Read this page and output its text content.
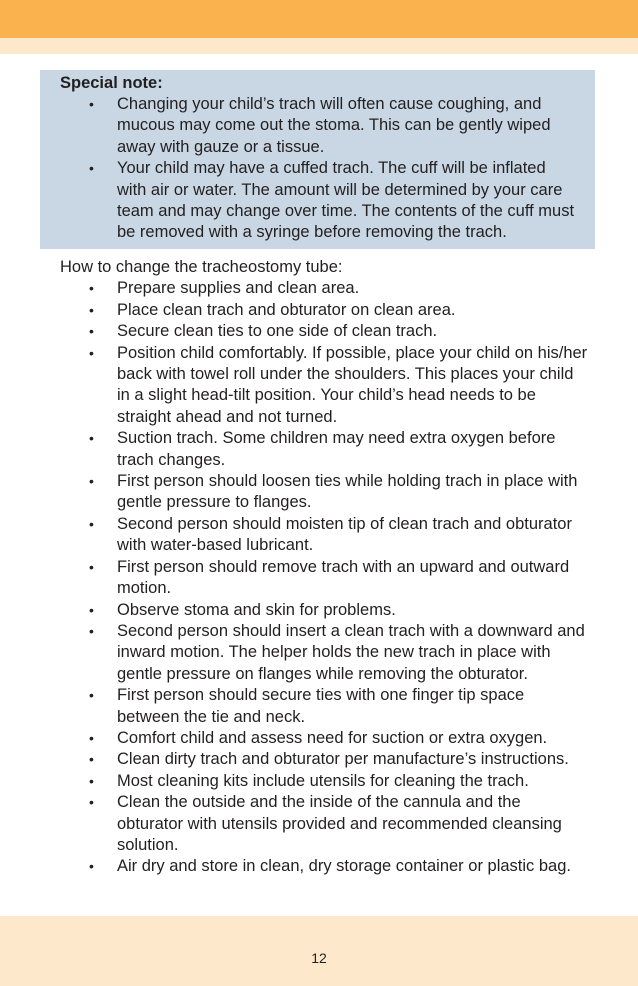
Special note:

• Changing your child’s trach will often cause coughing, and mucous may come out the stoma. This can be gently wiped away with gauze or a tissue.
• Your child may have a cuffed trach. The cuff will be inflated with air or water. The amount will be determined by your care team and may change over time. The contents of the cuff must be removed with a syringe before removing the trach.

How to change the tracheostomy tube:

• Prepare supplies and clean area.
• Place clean trach and obturator on clean area.
• Secure clean ties to one side of clean trach.
• Position child comfortably. If possible, place your child on his/her back with towel roll under the shoulders. This places your child in a slight head-tilt position. Your child’s head needs to be straight ahead and not turned.
• Suction trach. Some children may need extra oxygen before trach changes.
• First person should loosen ties while holding trach in place with gentle pressure to flanges.
• Second person should moisten tip of clean trach and obturator with water-based lubricant.
• First person should remove trach with an upward and outward motion.
• Observe stoma and skin for problems.
• Second person should insert a clean trach with a downward and inward motion. The helper holds the new trach in place with gentle pressure on flanges while removing the obturator.
• First person should secure ties with one finger tip space between the tie and neck.
• Comfort child and assess need for suction or extra oxygen.
• Clean dirty trach and obturator per manufacture’s instructions.
• Most cleaning kits include utensils for cleaning the trach.
• Clean the outside and the inside of the cannula and the obturator with utensils provided and recommended cleansing solution.
• Air dry and store in clean, dry storage container or plastic bag.
12
